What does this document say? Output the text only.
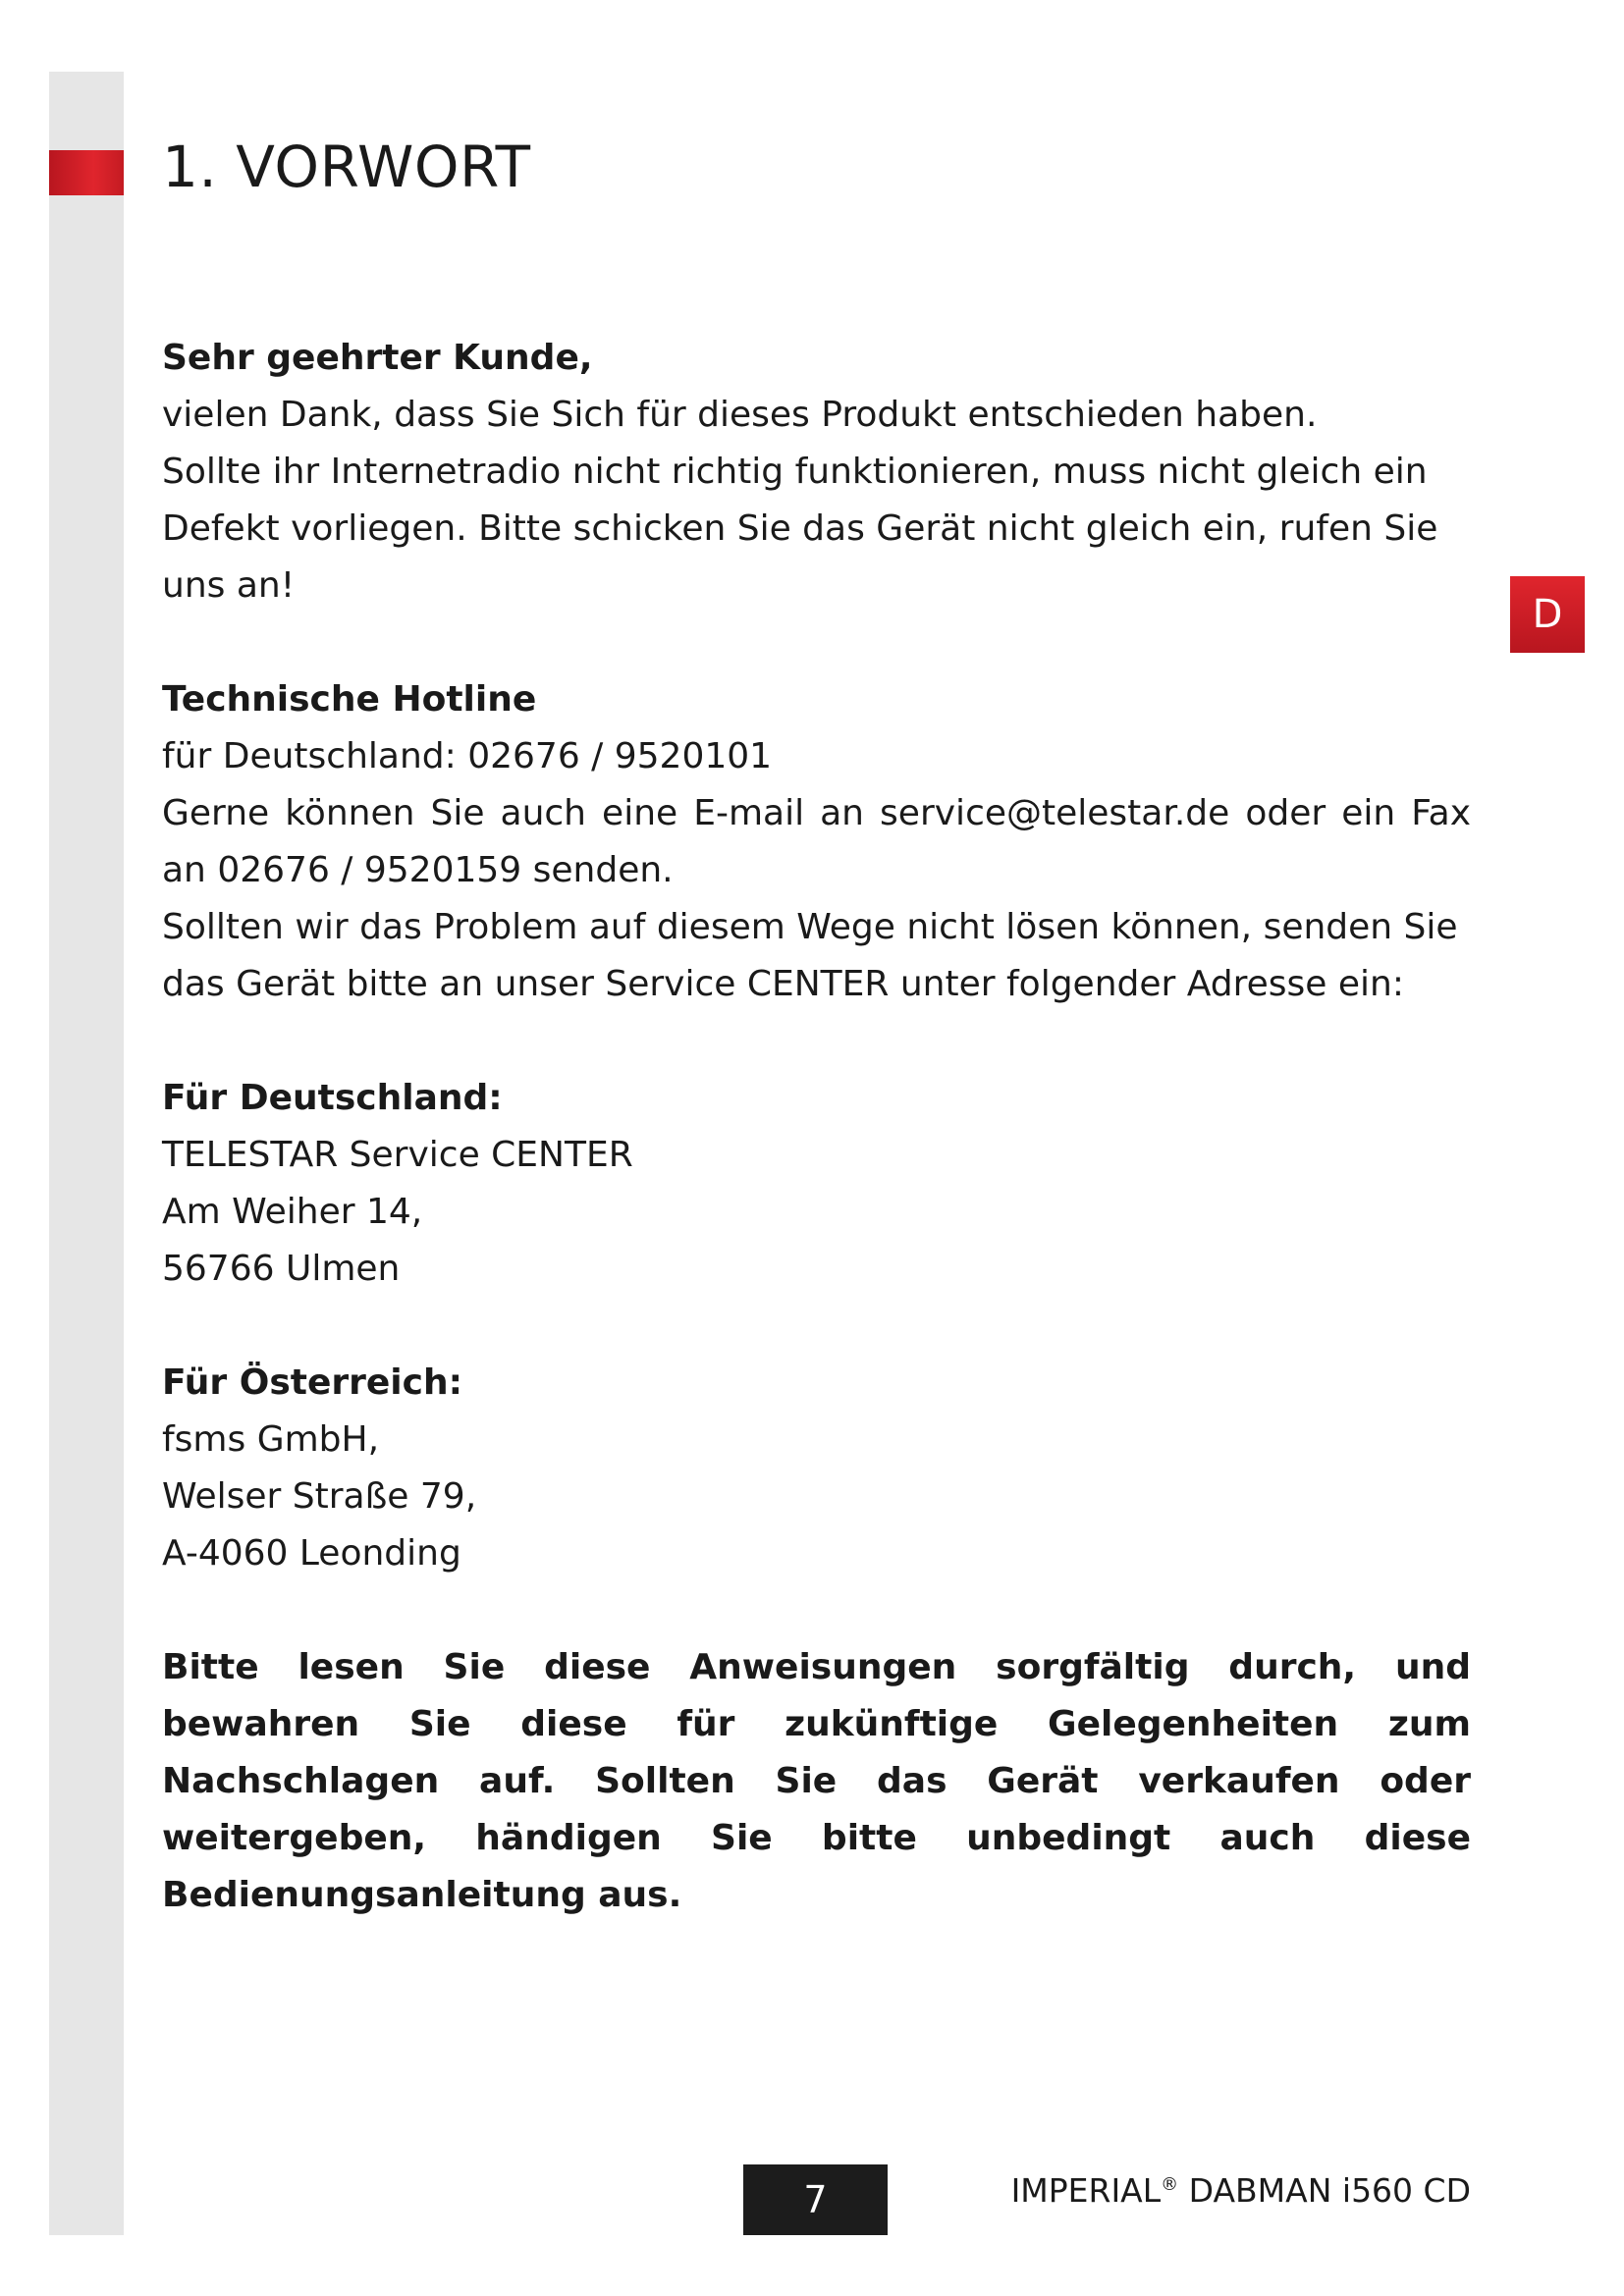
1. VORWORT
D

Sehr geehrter Kunde,

vielen Dank, dass Sie Sich für dieses Produkt entschieden haben.

Sollte ihr Internetradio nicht richtig funktionieren, muss nicht gleich ein Defekt vorliegen. Bitte schicken Sie das Gerät nicht gleich ein, rufen Sie uns an!

Technische Hotline

für Deutschland: 02676 / 9520101

Gerne können Sie auch eine E-mail an service@telestar.de oder ein Fax an 02676 / 9520159 senden.

Sollten wir das Problem auf diesem Wege nicht lösen können, senden Sie das Gerät bitte an unser Service CENTER unter folgender Adresse ein:

Für Deutschland:

TELESTAR Service CENTER

Am Weiher 14,

56766 Ulmen

Für Österreich:

fsms GmbH,

Welser Straße 79,

A-4060 Leonding

Bitte lesen Sie diese Anweisungen sorgfältig durch, und bewahren Sie diese für zukünftige Gelegenheiten zum Nachschlagen auf. Sollten Sie das Gerät verkaufen oder weitergeben, händigen Sie bitte unbedingt auch diese Bedienungsanleitung aus.

7	IMPERIAL® DABMAN i560 CD
